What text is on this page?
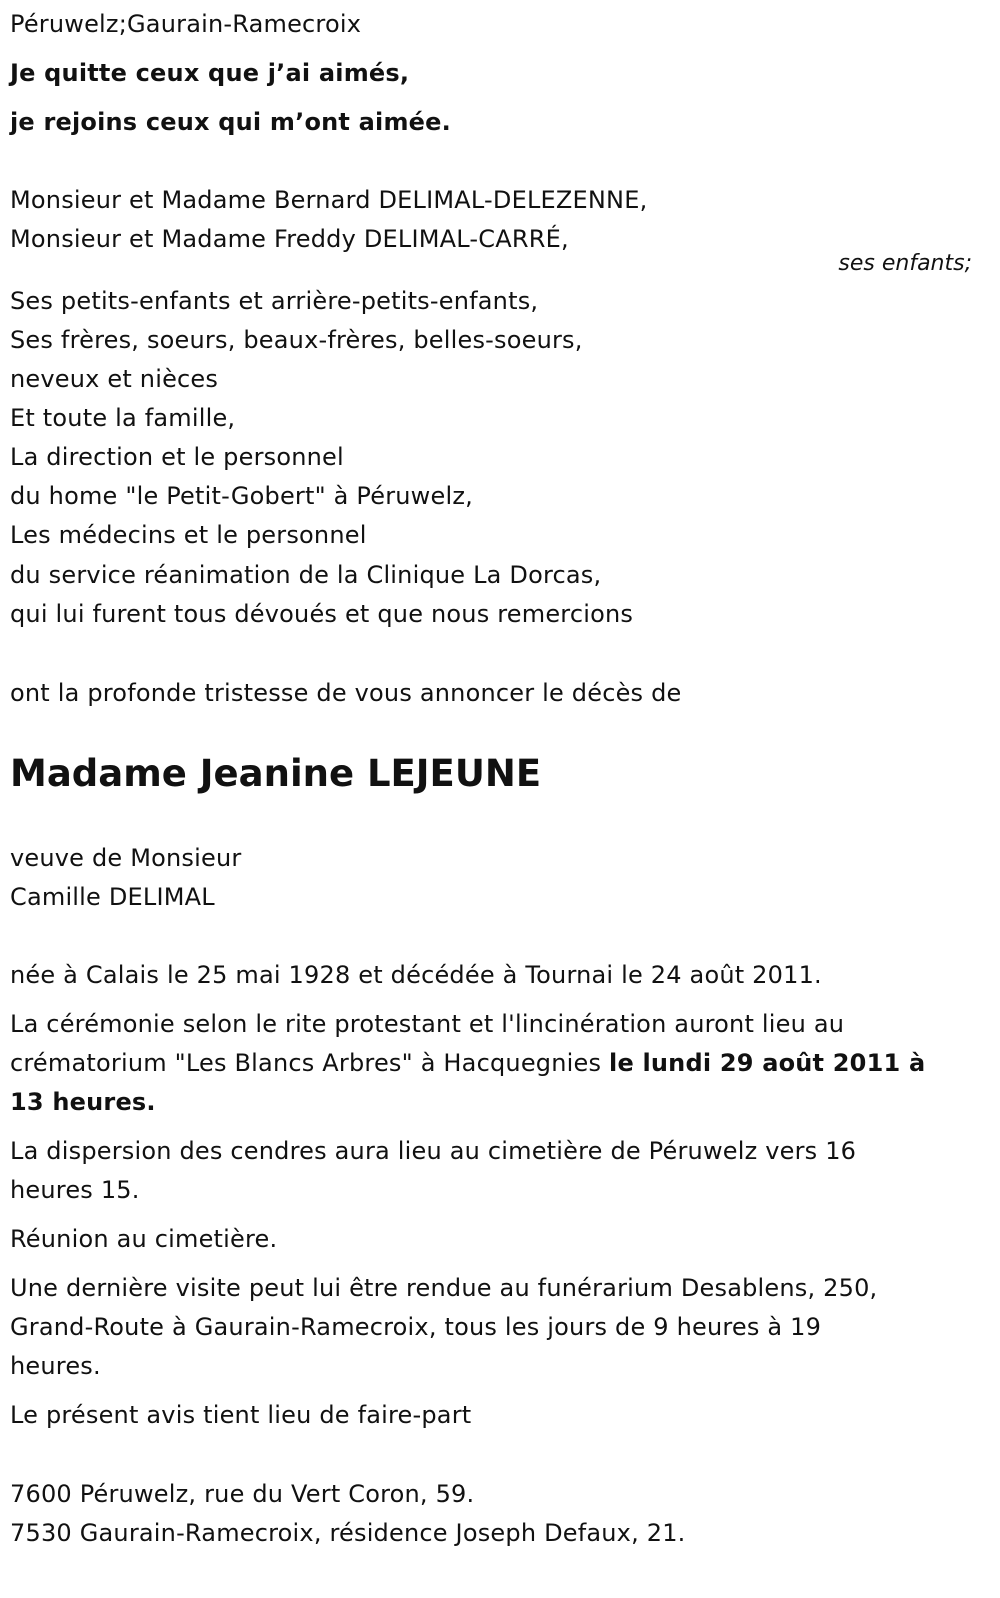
Péruwelz;Gaurain-Ramecroix
Je quitte ceux que j’ai aimés,
je rejoins ceux qui m’ont aimée.
Monsieur et Madame Bernard DELIMAL-DELEZENNE,
Monsieur et Madame Freddy DELIMAL-CARRÉ,
ses enfants;
Ses petits-enfants et arrière-petits-enfants,
Ses frères, soeurs, beaux-frères, belles-soeurs,
neveux et nièces
Et toute la famille,
La direction et le personnel
du home "le Petit-Gobert" à Péruwelz,
Les médecins et le personnel
du service réanimation de la Clinique La Dorcas,
qui lui furent tous dévoués et que nous remercions
ont la profonde tristesse de vous annoncer le décès de
Madame Jeanine LEJEUNE
veuve de Monsieur
Camille DELIMAL
née à Calais le 25 mai 1928 et décédée à Tournai le 24 août 2011.
La cérémonie selon le rite protestant et l'lincinération auront lieu au
crématorium "Les Blancs Arbres" à Hacquegnies le lundi 29 août 2011 à
13 heures.
La dispersion des cendres aura lieu au cimetière de Péruwelz vers 16
heures 15.
Réunion au cimetière.
Une dernière visite peut lui être rendue au funérarium Desablens, 250,
Grand-Route à Gaurain-Ramecroix, tous les jours de 9 heures à 19
heures.
Le présent avis tient lieu de faire-part
7600 Péruwelz, rue du Vert Coron, 59.
7530 Gaurain-Ramecroix, résidence Joseph Defaux, 21.
